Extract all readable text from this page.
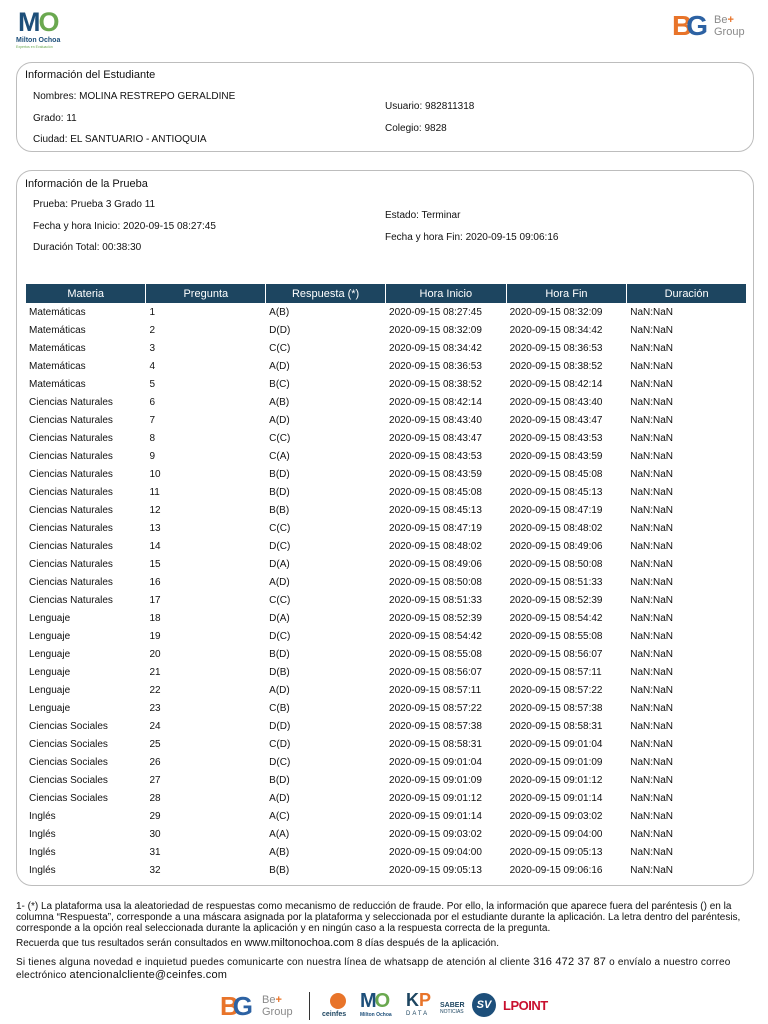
MO
Milton Ochoa
Expertos en Evaluación
BG Be+
Group
Información del Estudiante
Nombres: MOLINA RESTREPO GERALDINE
Grado: 11
Ciudad: EL SANTUARIO - ANTIOQUIA
Usuario: 982811318
Colegio: 9828
Información de la Prueba
Prueba: Prueba 3 Grado 11
Fecha y hora Inicio: 2020-09-15 08:27:45
Duración Total: 00:38:30
Estado: Terminar
Fecha y hora Fin: 2020-09-15 09:06:16
Materia	Pregunta	Respuesta (*)	Hora Inicio	Hora Fin	Duración
Matemáticas	1	A(B)	2020-09-15 08:27:45	2020-09-15 08:32:09	NaN:NaN
Matemáticas	2	D(D)	2020-09-15 08:32:09	2020-09-15 08:34:42	NaN:NaN
Matemáticas	3	C(C)	2020-09-15 08:34:42	2020-09-15 08:36:53	NaN:NaN
Matemáticas	4	A(D)	2020-09-15 08:36:53	2020-09-15 08:38:52	NaN:NaN
Matemáticas	5	B(C)	2020-09-15 08:38:52	2020-09-15 08:42:14	NaN:NaN
Ciencias Naturales	6	A(B)	2020-09-15 08:42:14	2020-09-15 08:43:40	NaN:NaN
Ciencias Naturales	7	A(D)	2020-09-15 08:43:40	2020-09-15 08:43:47	NaN:NaN
Ciencias Naturales	8	C(C)	2020-09-15 08:43:47	2020-09-15 08:43:53	NaN:NaN
Ciencias Naturales	9	C(A)	2020-09-15 08:43:53	2020-09-15 08:43:59	NaN:NaN
Ciencias Naturales	10	B(D)	2020-09-15 08:43:59	2020-09-15 08:45:08	NaN:NaN
Ciencias Naturales	11	B(D)	2020-09-15 08:45:08	2020-09-15 08:45:13	NaN:NaN
Ciencias Naturales	12	B(B)	2020-09-15 08:45:13	2020-09-15 08:47:19	NaN:NaN
Ciencias Naturales	13	C(C)	2020-09-15 08:47:19	2020-09-15 08:48:02	NaN:NaN
Ciencias Naturales	14	D(C)	2020-09-15 08:48:02	2020-09-15 08:49:06	NaN:NaN
Ciencias Naturales	15	D(A)	2020-09-15 08:49:06	2020-09-15 08:50:08	NaN:NaN
Ciencias Naturales	16	A(D)	2020-09-15 08:50:08	2020-09-15 08:51:33	NaN:NaN
Ciencias Naturales	17	C(C)	2020-09-15 08:51:33	2020-09-15 08:52:39	NaN:NaN
Lenguaje	18	D(A)	2020-09-15 08:52:39	2020-09-15 08:54:42	NaN:NaN
Lenguaje	19	D(C)	2020-09-15 08:54:42	2020-09-15 08:55:08	NaN:NaN
Lenguaje	20	B(D)	2020-09-15 08:55:08	2020-09-15 08:56:07	NaN:NaN
Lenguaje	21	D(B)	2020-09-15 08:56:07	2020-09-15 08:57:11	NaN:NaN
Lenguaje	22	A(D)	2020-09-15 08:57:11	2020-09-15 08:57:22	NaN:NaN
Lenguaje	23	C(B)	2020-09-15 08:57:22	2020-09-15 08:57:38	NaN:NaN
Ciencias Sociales	24	D(D)	2020-09-15 08:57:38	2020-09-15 08:58:31	NaN:NaN
Ciencias Sociales	25	C(D)	2020-09-15 08:58:31	2020-09-15 09:01:04	NaN:NaN
Ciencias Sociales	26	D(C)	2020-09-15 09:01:04	2020-09-15 09:01:09	NaN:NaN
Ciencias Sociales	27	B(D)	2020-09-15 09:01:09	2020-09-15 09:01:12	NaN:NaN
Ciencias Sociales	28	A(D)	2020-09-15 09:01:12	2020-09-15 09:01:14	NaN:NaN
Inglés	29	A(C)	2020-09-15 09:01:14	2020-09-15 09:03:02	NaN:NaN
Inglés	30	A(A)	2020-09-15 09:03:02	2020-09-15 09:04:00	NaN:NaN
Inglés	31	A(B)	2020-09-15 09:04:00	2020-09-15 09:05:13	NaN:NaN
Inglés	32	B(B)	2020-09-15 09:05:13	2020-09-15 09:06:16	NaN:NaN
1- (*) La plataforma usa la aleatoriedad de respuestas como mecanismo de reducción de fraude. Por ello, la información que aparece fuera del paréntesis () en la columna “Respuesta”, corresponde a una máscara asignada por la plataforma y seleccionada por el estudiante durante la aplicación. La letra dentro del paréntesis, corresponde a la opción real seleccionada durante la aplicación y en ningún caso a la respuesta correcta de la pregunta.
Recuerda que tus resultados serán consultados en www.miltonochoa.com 8 días después de la aplicación.
Si tienes alguna novedad e inquietud puedes comunicarte con nuestra línea de whatsapp de atención al cliente 316 472 37 87 o envíalo a nuestro correo electrónico atencionalcliente@ceinfes.com
BG Be+
Group	ceinfes
MO
Milton Ochoa
KP
DATA
SABER
NOTICIAS
SV LPOINT
